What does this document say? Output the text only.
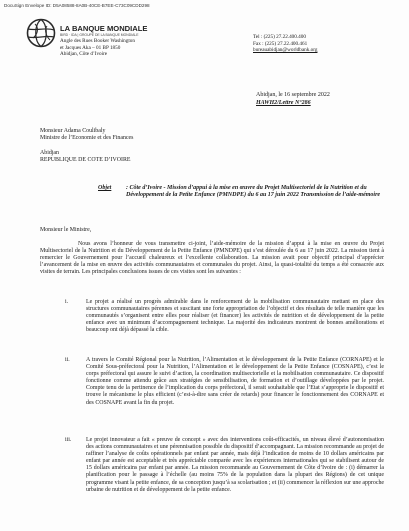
DocuSign Envelope ID: D5A08588-8A0B-40CE-B7EE-C73C09CDD298
LA BANQUE MONDIALE
BIRD · IDA | GROUPE DE LA BANQUE MONDIALE
Angle des Rues Booker Washington
et Jacques Aka – 01 BP 1850
Abidjan, Côte d’Ivoire
Tel : (225) 27.22.400.400
Fax : (225) 27.22.400.461
bureauabidjan@worldbank.org
Abidjan, le 16 septembre 2022
HAWH2/Lettre N°286
Monsieur Adama Coulibaly
Ministre de l’Economie et des Finances
Abidjan
REPUBLIQUE DE COTE D’IVOIRE
Objet : Côte d’Ivoire - Mission d’appui à la mise en œuvre du Projet Multisectoriel de la Nutrition et du Développement de la Petite Enfance (PMNDPE) du 6 au 17 juin 2022 Transmission de l’aide-mémoire
Monsieur le Ministre,
Nous avons l’honneur de vous transmettre ci-joint, l’aide-mémoire de la mission d’appui à la mise en œuvre du Projet Multisectoriel de la Nutrition et du Développement de la Petite Enfance (PMNDPE) qui s’est déroulée du 6 au 17 juin 2022. La mission tient à remercier le Gouvernement pour l’accueil chaleureux et l’excellente collaboration. La mission avait pour objectif principal d’apprécier l’avancement de la mise en œuvre des activités communautaires et communales du projet. Ainsi, la quasi-totalité du temps a été consacrée aux visites de terrain. Les principales conclusions issues de ces visites sont les suivantes :
i.	Le projet a réalisé un progrès admirable dans le renforcement de la mobilisation communautaire mettant en place des structures communautaires pérennes et suscitant une forte appropriation de l’objectif et des résultats de telle manière que les communautés s’organisent entre elles pour réaliser (et financer) les activités de nutrition et de développement de la petite enfance avec un minimum d’accompagnement technique. La majorité des indicateurs montrent de bonnes améliorations et beaucoup ont déjà dépassé la cible.
ii.	A travers le Comité Régional pour la Nutrition, l’Alimentation et le développement de la Petite Enfance (CORNAPE) et le Comité Sous-préfectoral pour la Nutrition, l’Alimentation et le développement de la Petite Enfance (COSNAPE), c’est le corps préfectoral qui assure le suivi d’action, la coordination multisectorielle et la mobilisation communautaire. Ce dispositif fonctionne comme attendu grâce aux stratégies de sensibilisation, de formation et d’outillage développées par le projet. Compte tenu de la pertinence de l’implication du corps préfectoral, il serait souhaitable que l’Etat s’approprie le dispositif et trouve le mécanisme le plus efficient (c’est-à-dire sans créer de retards) pour financer le fonctionnement des CORNAPE et des COSNAPE avant la fin du projet.
iii. Le projet innovateur a fait « preuve de concept » avec des interventions coût-efficacités, un niveau élevé d’autonomisation des actions communautaires et une pérennisation possible du dispositif d’accompagnant. La mission recommande au projet de raffiner l’analyse de coûts opérationnels par enfant par année, mais déjà l’indication de moins de 10 dollars américains par enfant par année est acceptable et très appréciable comparée avec les expériences internationales qui se stabilisent autour de 15 dollars américains par enfant par année. La mission recommande au Gouvernement de Côte d’Ivoire de : (i) démarrer la planification pour le passage à l’échelle (au moins 75% de la population dans la plupart des Régions) de cet unique programme visant la petite enfance, de sa conception jusqu’à sa scolarisation ; et (ii) commencer la réflexion sur une approche urbaine de nutrition et de développement de la petite enfance.
